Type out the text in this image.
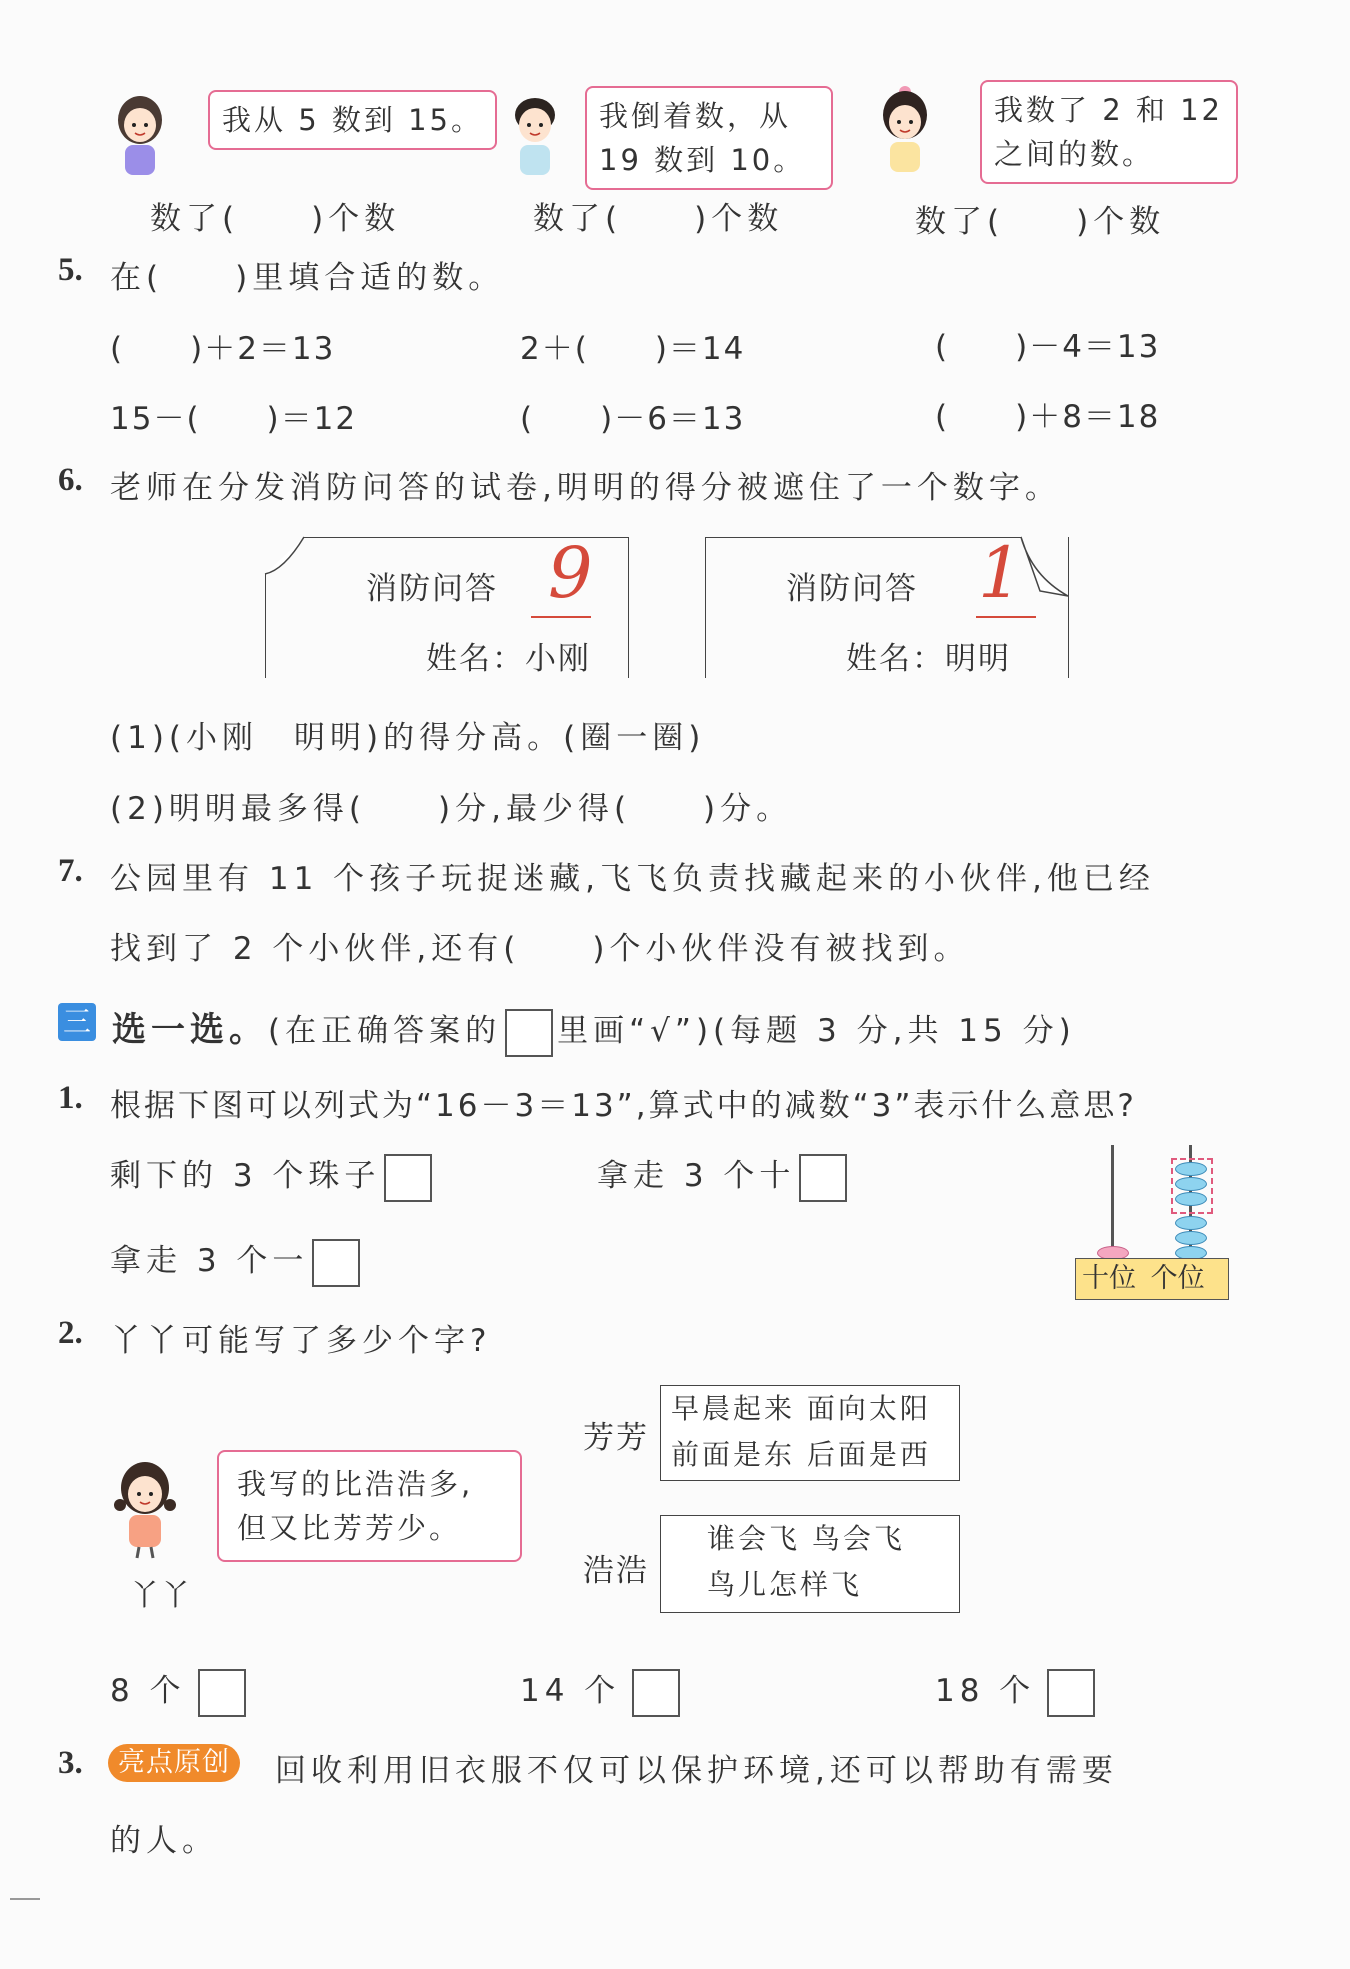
我从 5 数到 15。
数了(　　)个数
我倒着数，从
19 数到 10。
数了(　　)个数
我数了 2 和 12
之间的数。
数了(　　)个数
5. 在(　　)里填合适的数。
(　　)＋2＝13	2＋(　　)＝14	(　　)－4＝13
15－(　　)＝12	(　　)－6＝13	(　　)＋8＝18
6. 老师在分发消防问答的试卷,明明的得分被遮住了一个数字。
消防问答 9
姓名：小刚
消防问答 1
姓名：明明
(1)(小刚　明明)的得分高。(圈一圈)
(2)明明最多得(　　)分,最少得(　　)分。
7. 公园里有 11 个孩子玩捉迷藏,飞飞负责找藏起来的小伙伴,他已经
找到了 2 个小伙伴,还有(　　)个小伙伴没有被找到。
三 选一选。(在正确答案的 里画“√”)(每题 3 分,共 15 分)
1. 根据下图可以列式为“16－3＝13”,算式中的减数“3”表示什么意思?
剩下的 3 个珠子	拿走 3 个十
拿走 3 个一	十位 个位
2. 丫丫可能写了多少个字?
芳芳
早晨起来 面向太阳
前面是东 后面是西
浩浩
谁会飞 鸟会飞
鸟儿怎样飞
我写的比浩浩多,
但又比芳芳少。
丫丫
8 个	14 个	18 个
3.	亮点原创	回收利用旧衣服不仅可以保护环境,还可以帮助有需要
的人。
